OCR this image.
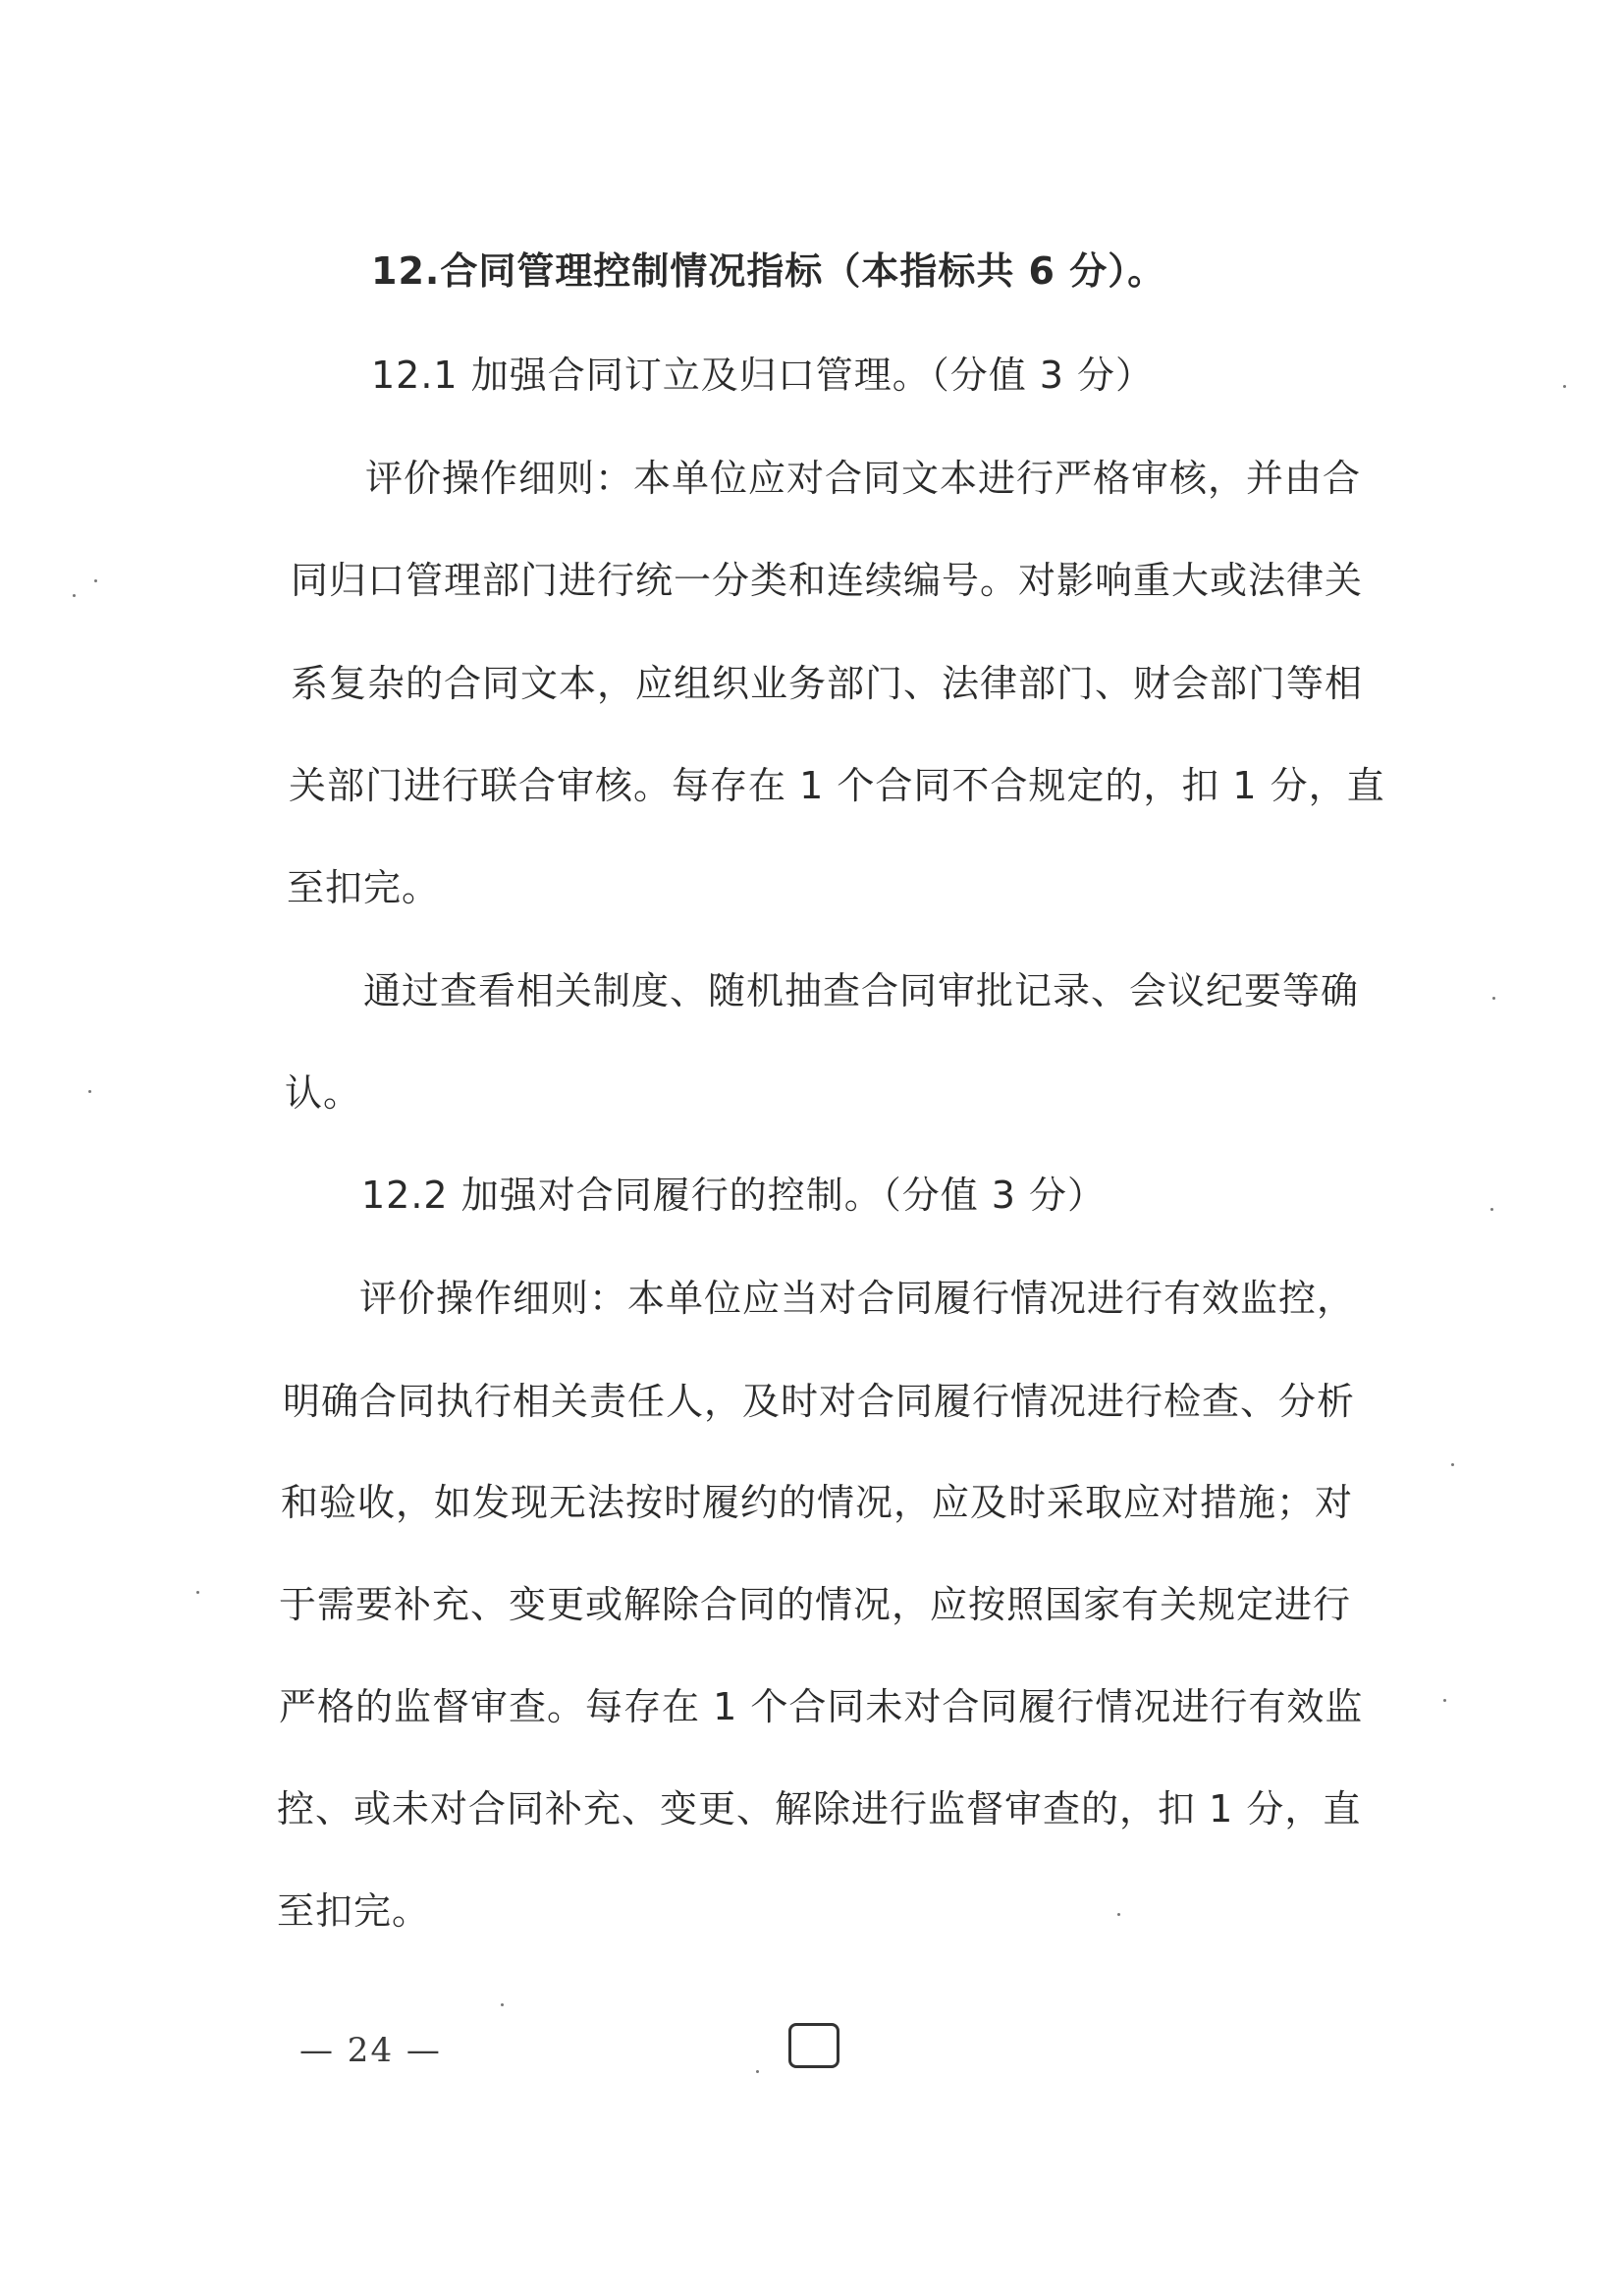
12.合同管理控制情况指标（本指标共 6 分）。
12.1 加强合同订立及归口管理。（分值 3 分）
评价操作细则：本单位应对合同文本进行严格审核，并由合
同归口管理部门进行统一分类和连续编号。对影响重大或法律关
系复杂的合同文本，应组织业务部门、法律部门、财会部门等相
关部门进行联合审核。每存在 1 个合同不合规定的，扣 1 分，直
至扣完。
通过查看相关制度、随机抽查合同审批记录、会议纪要等确
认。
12.2 加强对合同履行的控制。（分值 3 分）
评价操作细则：本单位应当对合同履行情况进行有效监控，
明确合同执行相关责任人，及时对合同履行情况进行检查、分析
和验收，如发现无法按时履约的情况，应及时采取应对措施；对
于需要补充、变更或解除合同的情况，应按照国家有关规定进行
严格的监督审查。每存在 1 个合同未对合同履行情况进行有效监
控、或未对合同补充、变更、解除进行监督审查的，扣 1 分，直
至扣完。
— 24 —
